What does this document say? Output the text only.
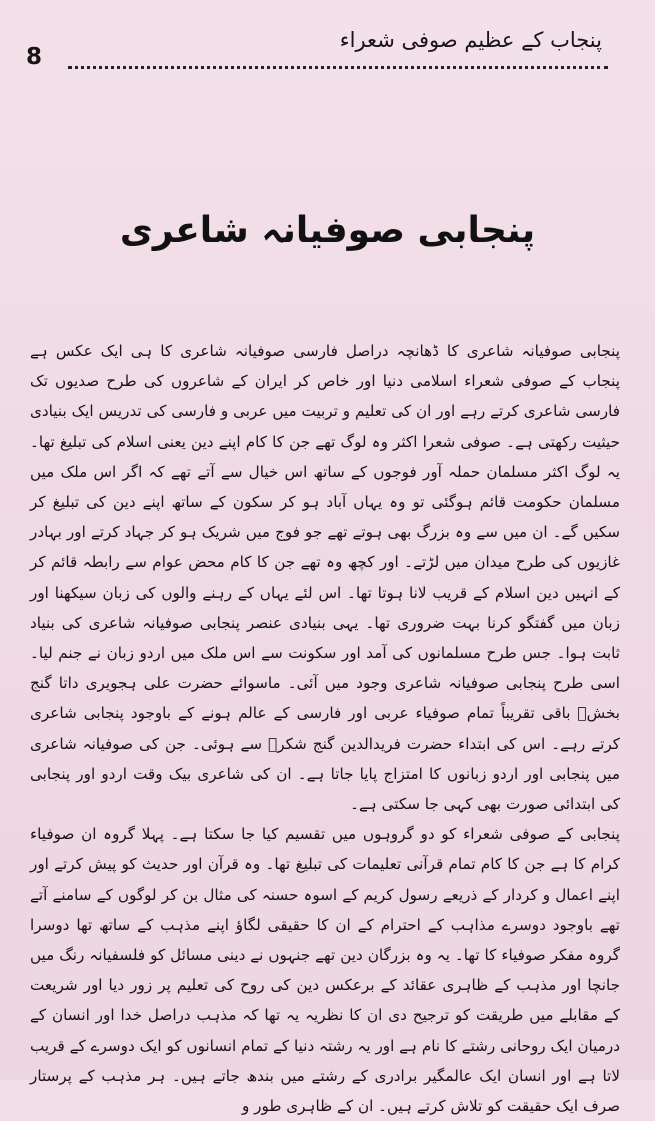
8
پنجاب کے عظیم صوفی شعراء
پنجابی صوفیانہ شاعری

پنجابی صوفیانہ شاعری کا ڈھانچہ دراصل فارسی صوفیانہ شاعری کا ہی ایک عکس ہے پنجاب کے صوفی شعراء اسلامی دنیا اور خاص کر ایران کے شاعروں کی طرح صدیوں تک فارسی شاعری کرتے رہے اور ان کی تعلیم و تربیت میں عربی و فارسی کی تدریس ایک بنیادی حیثیت رکھتی ہے۔ صوفی شعرا اکثر وہ لوگ تھے جن کا کام اپنے دین یعنی اسلام کی تبلیغ تھا۔ یہ لوگ اکثر مسلمان حملہ آور فوجوں کے ساتھ اس خیال سے آتے تھے کہ اگر اس ملک میں مسلمان حکومت قائم ہوگئی تو وہ یہاں آباد ہو کر سکون کے ساتھ اپنے دین کی تبلیغ کر سکیں گے۔ ان میں سے وہ بزرگ بھی ہوتے تھے جو فوج میں شریک ہو کر جہاد کرتے اور بہادر غازیوں کی طرح میدان میں لڑتے۔ اور کچھ وہ تھے جن کا کام محض عوام سے رابطہ قائم کر کے انہیں دین اسلام کے قریب لانا ہوتا تھا۔ اس لئے یہاں کے رہنے والوں کی زبان سیکھنا اور زبان میں گفتگو کرنا بہت ضروری تھا۔ یہی بنیادی عنصر پنجابی صوفیانہ شاعری کی بنیاد ثابت ہوا۔ جس طرح مسلمانوں کی آمد اور سکونت سے اس ملک میں اردو زبان نے جنم لیا۔ اسی طرح پنجابی صوفیانہ شاعری وجود میں آئی۔ ماسوائے حضرت علی ہجویری داتا گنج بخشؒ باقی تقریباً تمام صوفیاء عربی اور فارسی کے عالم ہونے کے باوجود پنجابی شاعری کرتے رہے۔ اس کی ابتداء حضرت فریدالدین گنج شکرؒ سے ہوئی۔ جن کی صوفیانہ شاعری میں پنجابی اور اردو زبانوں کا امتزاج پایا جاتا ہے۔ ان کی شاعری بیک وقت اردو اور پنجابی کی ابتدائی صورت بھی کہی جا سکتی ہے۔

پنجابی کے صوفی شعراء کو دو گروہوں میں تقسیم کیا جا سکتا ہے۔ پہلا گروہ ان صوفیاء کرام کا ہے جن کا کام تمام قرآنی تعلیمات کی تبلیغ تھا۔ وہ قرآن اور حدیث کو پیش کرتے اور اپنے اعمال و کردار کے ذریعے رسول کریم کے اسوہ حسنہ کی مثال بن کر لوگوں کے سامنے آتے تھے باوجود دوسرے مذاہب کے احترام کے ان کا حقیقی لگاؤ اپنے مذہب کے ساتھ تھا دوسرا گروہ مفکر صوفیاء کا تھا۔ یہ وہ بزرگان دین تھے جنہوں نے دینی مسائل کو فلسفیانہ رنگ میں جانچا اور مذہب کے ظاہری عقائد کے برعکس دین کی روح کی تعلیم پر زور دیا اور شریعت کے مقابلے میں طریقت کو ترجیح دی ان کا نظریہ یہ تھا کہ مذہب دراصل خدا اور انسان کے درمیان ایک روحانی رشتے کا نام ہے اور یہ رشتہ دنیا کے تمام انسانوں کو ایک دوسرے کے قریب لاتا ہے اور انسان ایک عالمگیر برادری کے رشتے میں بندھ جاتے ہیں۔ ہر مذہب کے پرستار صرف ایک حقیقت کو تلاش کرتے ہیں۔ ان کے ظاہری طور و
